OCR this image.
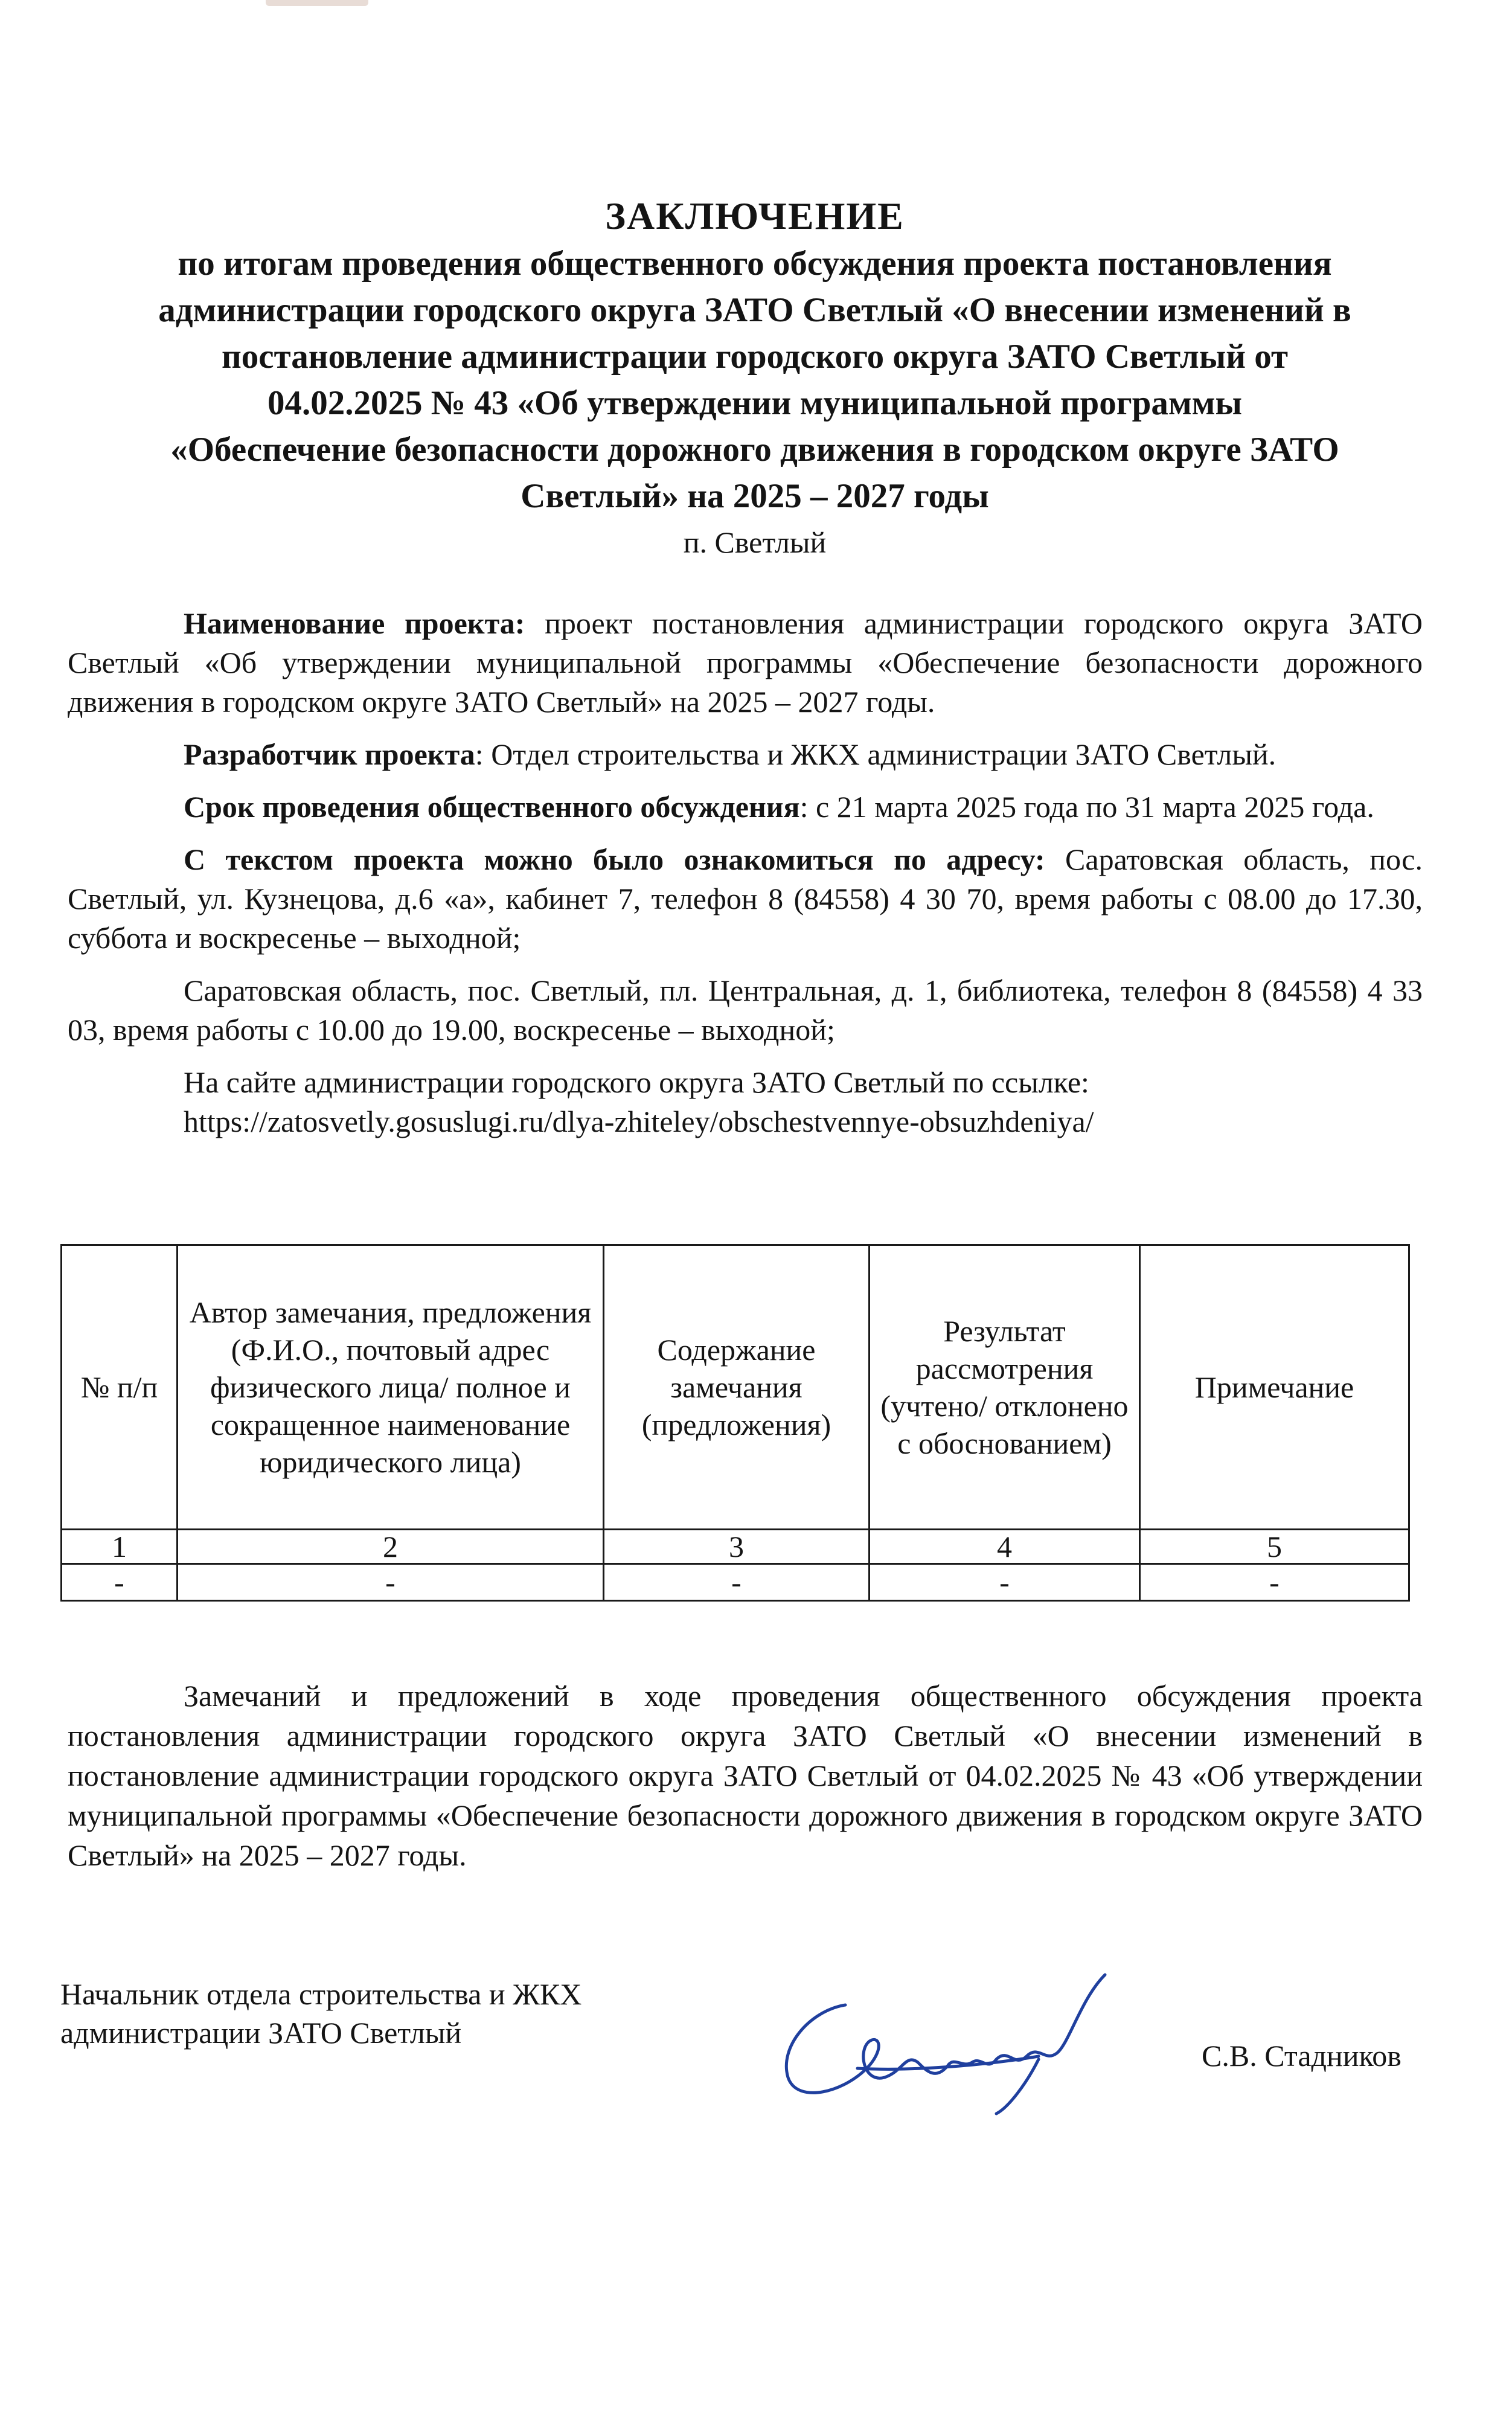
ЗАКЛЮЧЕНИЕ
по итогам проведения общественного обсуждения проекта постановления
администрации городского округа ЗАТО Светлый «О внесении изменений в
постановление администрации городского округа ЗАТО Светлый от
04.02.2025 № 43 «Об утверждении муниципальной программы
«Обеспечение безопасности дорожного движения в городском округе ЗАТО
Светлый» на 2025 – 2027 годы
п. Светлый

Наименование проекта: проект постановления администрации городского округа ЗАТО Светлый «Об утверждении муниципальной программы «Обеспечение безопасности дорожного движения в городском округе ЗАТО Светлый» на 2025 – 2027 годы.

Разработчик проекта: Отдел строительства и ЖКХ администрации ЗАТО Светлый.

Срок проведения общественного обсуждения: с 21 марта 2025 года по 31 марта 2025 года.

С текстом проекта можно было ознакомиться по адресу: Саратовская область, пос. Светлый, ул. Кузнецова, д.6 «а», кабинет 7, телефон 8 (84558) 4 30 70, время работы с 08.00 до 17.30, суббота и воскресенье – выходной;

Саратовская область, пос. Светлый, пл. Центральная, д. 1, библиотека, телефон 8 (84558) 4 33 03, время работы с 10.00 до 19.00, воскресенье – выходной;

На сайте администрации городского округа ЗАТО Светлый по ссылке:
https://zatosvetly.gosuslugi.ru/dlya-zhiteley/obschestvennye-obsuzhdeniya/
№ п/п	Автор замечания, предложения (Ф.И.О., почтовый адрес физического лица/ полное и сокращенное наименование юридического лица)	Содержание замечания (предложения)	Результат рассмотрения (учтено/ отклонено с обоснованием)	Примечание
1	2	3	4	5
-	-	-	-	-
Замечаний и предложений в ходе проведения общественного обсуждения проекта постановления администрации городского округа ЗАТО Светлый «О внесении изменений в постановление администрации городского округа ЗАТО Светлый от 04.02.2025 № 43 «Об утверждении муниципальной программы «Обеспечение безопасности дорожного движения в городском округе ЗАТО Светлый» на 2025 – 2027 годы.
Начальник отдела строительства и ЖКХ
администрации ЗАТО Светлый
С.В. Стадников
